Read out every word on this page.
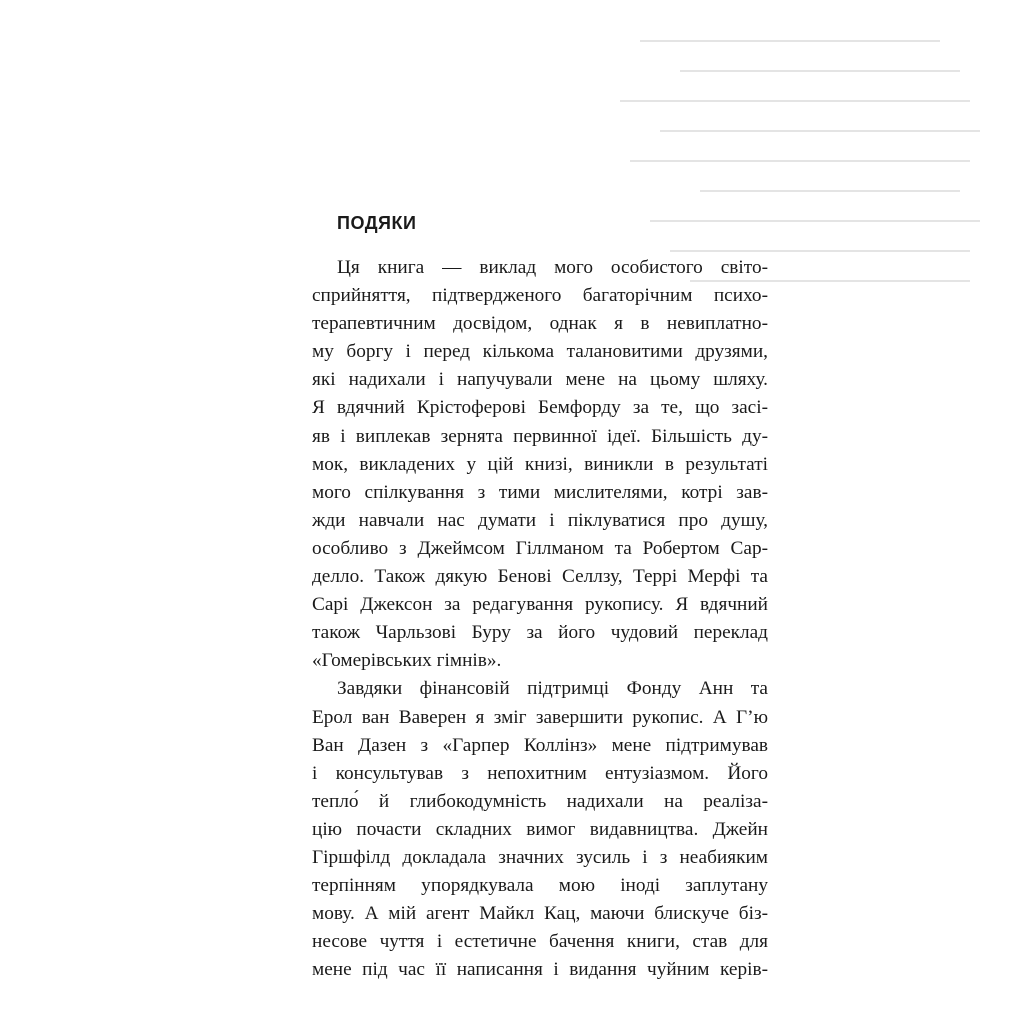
ПОДЯКИ
Ця книга — виклад мого особистого світо-
сприйняття, підтвердженого багаторічним психо-
терапевтичним досвідом, однак я в невиплатно-
му боргу і перед кількома талановитими друзями,
які надихали і напучували мене на цьому шляху.
Я вдячний Крістоферові Бемфорду за те, що засі-
яв і виплекав зернята первинної ідеї. Більшість ду-
мок, викладених у цій книзі, виникли в результаті
мого спілкування з тими мислителями, котрі зав-
жди навчали нас думати і піклуватися про душу,
особливо з Джеймсом Гіллманом та Робертом Сар-
делло. Також дякую Бенові Селлзу, Террі Мерфі та
Сарі Джексон за редагування рукопису. Я вдячний
також Чарльзові Буру за його чудовий переклад
«Гомерівських гімнів».
Завдяки фінансовій підтримці Фонду Анн та
Ерол ван Ваверен я зміг завершити рукопис. А Гʼю
Ван Дазен з «Гарпер Коллінз» мене підтримував
і консультував з непохитним ентузіазмом. Його
тепло́ й глибокодумність надихали на реаліза-
цію почасти складних вимог видавництва. Джейн
Гіршфілд докладала значних зусиль і з неабияким
терпінням упорядкувала мою іноді заплутану
мову. А мій агент Майкл Кац, маючи блискуче біз-
несове чуття і естетичне бачення книги, став для
мене під час її написання і видання чуйним керів-
